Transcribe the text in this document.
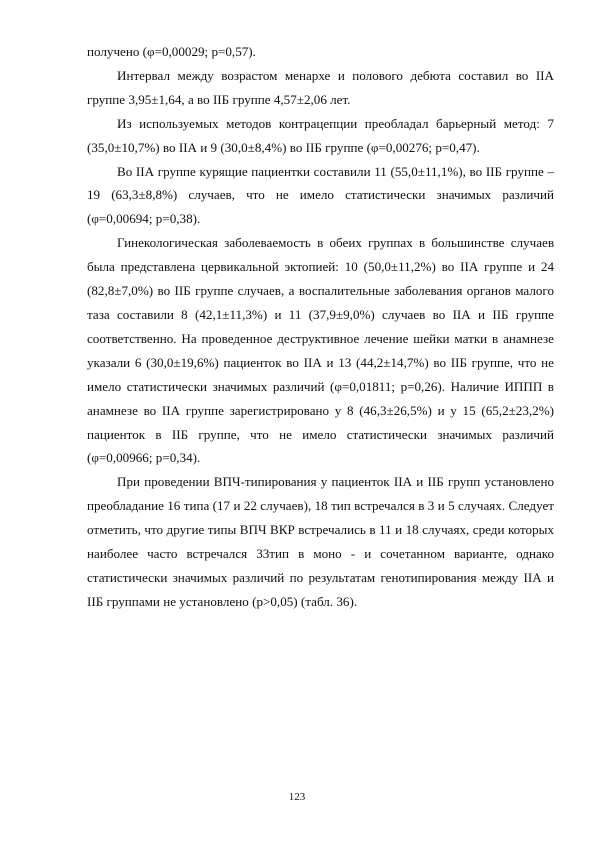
получено (φ=0,00029; p=0,57).

Интервал между возрастом менархе и полового дебюта составил во IIА группе 3,95±1,64, а во IIБ группе 4,57±2,06 лет.

Из используемых методов контрацепции преобладал барьерный метод: 7 (35,0±10,7%) во IIА и 9 (30,0±8,4%) во IIБ группе (φ=0,00276; p=0,47).

Во IIА группе курящие пациентки составили 11 (55,0±11,1%), во IIБ группе – 19 (63,3±8,8%) случаев, что не имело статистически значимых различий (φ=0,00694; p=0,38).

Гинекологическая заболеваемость в обеих группах в большинстве случаев была представлена цервикальной эктопией: 10 (50,0±11,2%) во IIА группе и 24 (82,8±7,0%) во IIБ группе случаев, а воспалительные заболевания органов малого таза составили 8 (42,1±11,3%) и 11 (37,9±9,0%) случаев во IIА и IIБ группе соответственно. На проведенное деструктивное лечение шейки матки в анамнезе указали 6 (30,0±19,6%) пациенток во IIА и 13 (44,2±14,7%) во IIБ группе, что не имело статистически значимых различий (φ=0,01811; p=0,26). Наличие ИППП в анамнезе во IIА группе зарегистрировано у 8 (46,3±26,5%) и у 15 (65,2±23,2%) пациенток в IIБ группе, что не имело статистически значимых различий (φ=0,00966; p=0,34).

При проведении ВПЧ-типирования у пациенток IIА и IIБ групп установлено преобладание 16 типа (17 и 22 случаев), 18 тип встречался в 3 и 5 случаях. Следует отметить, что другие типы ВПЧ ВКР встречались в 11 и 18 случаях, среди которых наиболее часто встречался 33тип в моно - и сочетанном варианте, однако статистически значимых различий по результатам генотипирования между IIА и IIБ группами не установлено (p>0,05) (табл. 36).

123
